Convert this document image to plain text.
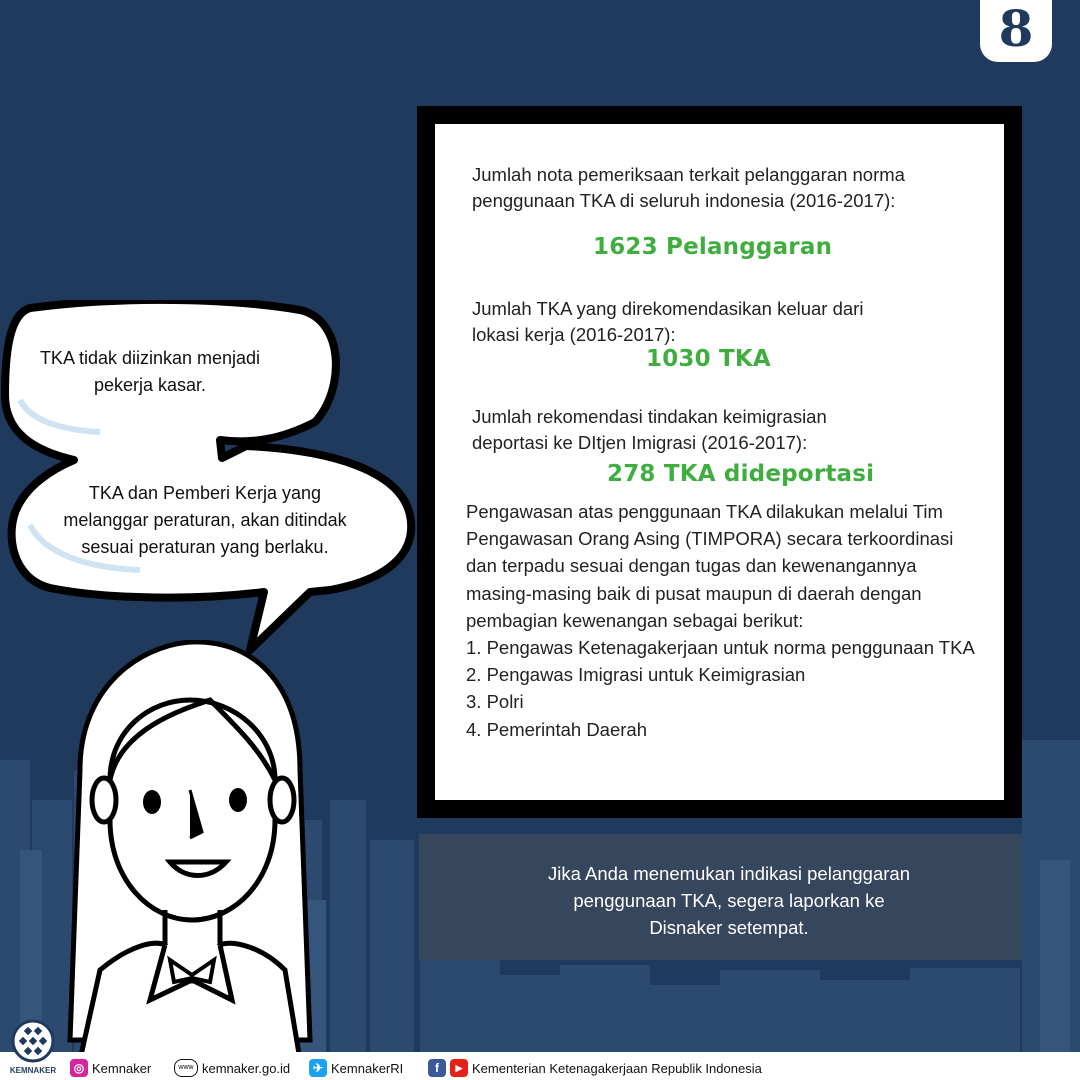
8
TKA tidak diizinkan menjadi
pekerja kasar.
TKA dan Pemberi Kerja yang
melanggar peraturan, akan ditindak
sesuai peraturan yang berlaku.
Jumlah nota pemeriksaan terkait pelanggaran norma penggunaan TKA di seluruh indonesia (2016-2017):
1623 Pelanggaran
Jumlah TKA yang direkomendasikan keluar dari lokasi kerja (2016-2017):
1030 TKA
Jumlah rekomendasi tindakan keimigrasian deportasi ke DItjen Imigrasi (2016-2017):
278 TKA dideportasi
Pengawasan atas penggunaan TKA dilakukan melalui Tim Pengawasan Orang Asing (TIMPORA) secara terkoordinasi dan terpadu sesuai dengan tugas dan kewenangannya masing-masing baik di pusat maupun di daerah dengan pembagian kewenangan sebagai berikut:
1. Pengawas Ketenagakerjaan untuk norma penggunaan TKA
2. Pengawas Imigrasi untuk Keimigrasian
3. Polri
4. Pemerintah Daerah

Jika Anda menemukan indikasi pelanggaran
penggunaan TKA, segera laporkan ke
Disnaker setempat.

KEMNAKER	◎ Kemnaker	www kemnaker.go.id	✈ KemnakerRI	f	▶ Kementerian Ketenagakerjaan Republik Indonesia
